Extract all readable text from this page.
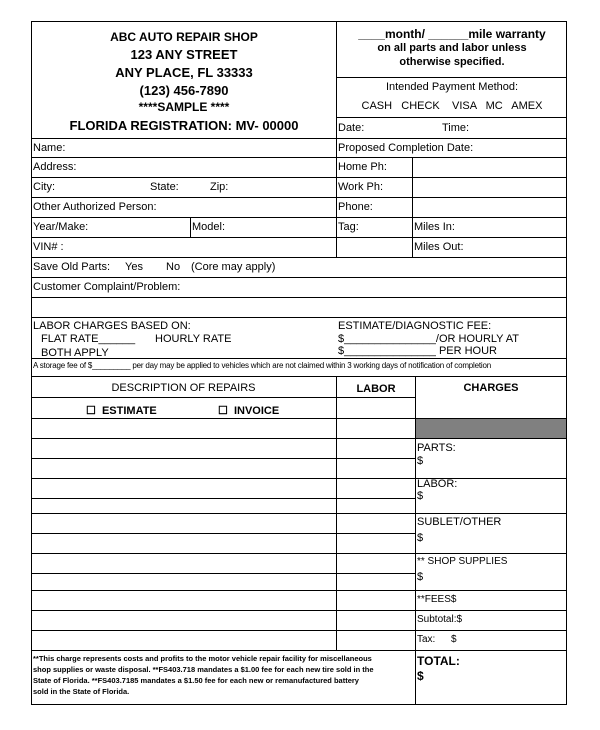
ABC AUTO REPAIR SHOP
123 ANY STREET
ANY PLACE, FL 33333
(123) 456-7890
****SAMPLE ****
FLORIDA REGISTRATION: MV- 00000
____month/ ______mile warranty
on all parts and labor unless
otherwise specified.
Intended Payment Method:
CASH   CHECK    VISA   MC   AMEX
Date:	Time:
Name:	Proposed Completion Date:
Address:	Home Ph:
City:	State:	Zip:	Work Ph:
Other Authorized Person:	Phone:
Year/Make:	Model:	Tag:	Miles In:
VIN# :	Miles Out:
Save Old Parts: Yes No (Core may apply)
Customer Complaint/Problem:
LABOR CHARGES BASED ON:
FLAT RATE______ HOURLY RATE
BOTH APPLY
ESTIMATE/DIAGNOSTIC FEE:
$_______________/OR HOURLY AT
$_______________ PER HOUR
A storage fee of $_________ per day may be applied to vehicles which are not claimed within 3 working days of notification of completion
DESCRIPTION OF REPAIRS	LABOR	CHARGES
☐  ESTIMATE	☐  INVOICE
PARTS:
$
LABOR:
$
SUBLET/OTHER
$
** SHOP SUPPLIES
$
**FEES$
Subtotal:$
Tax: $
TOTAL:
$
**This charge represents costs and profits to the motor vehicle repair facility for miscellaneous
shop supplies or waste disposal. **FS403.718 mandates a $1.00 fee for each new tire sold in the
State of Florida. **FS403.7185 mandates a $1.50 fee for each new or remanufactured battery
sold in the State of Florida.
